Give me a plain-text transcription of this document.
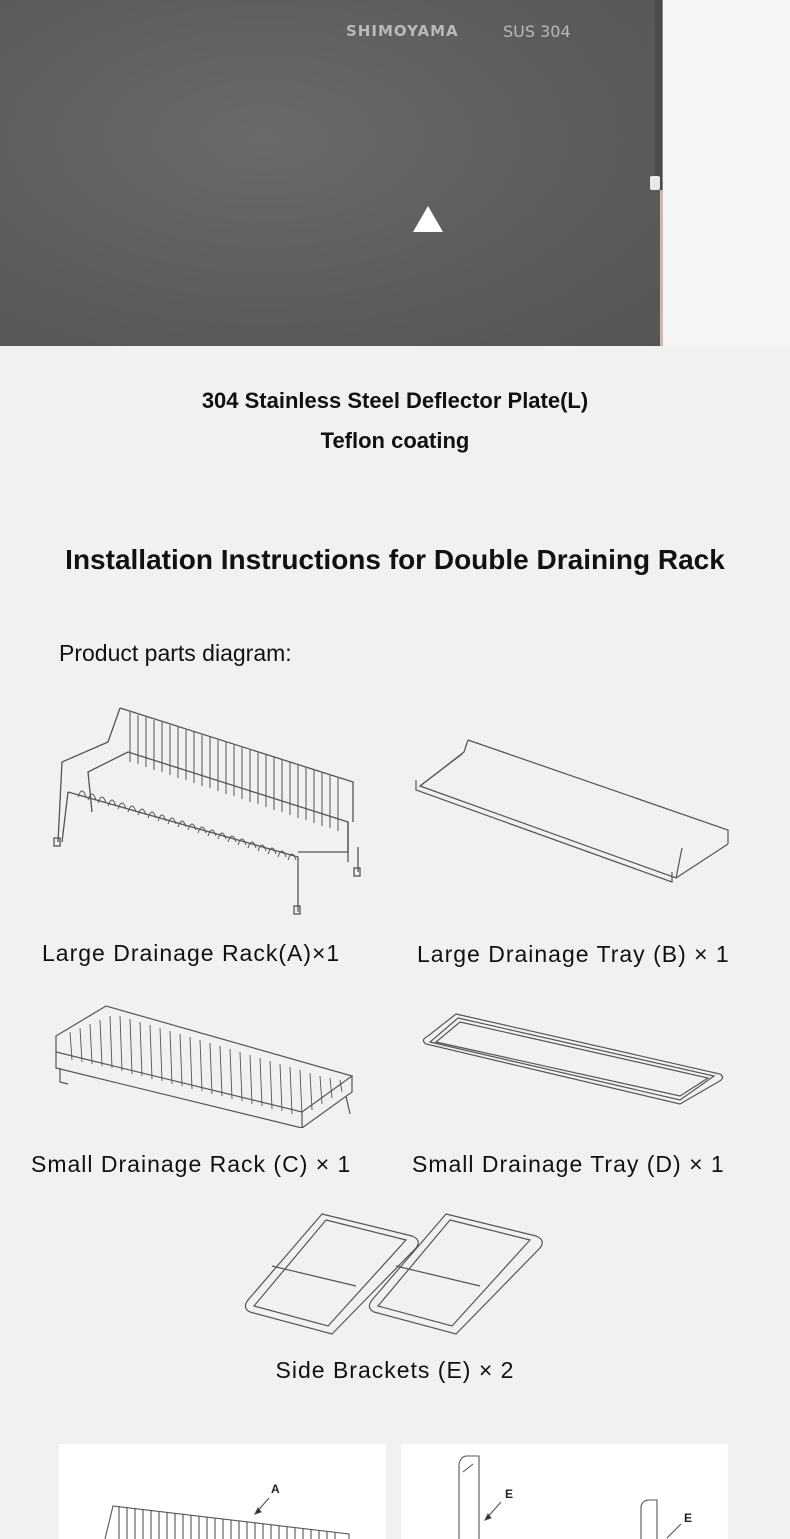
SHIMOYAMA	SUS 304
304 Stainless Steel Deflector Plate(L)
Teflon coating
Installation Instructions for Double Draining Rack
Product parts diagram:
Large Drainage Rack(A)×1	Large Drainage Tray (B) × 1
Small Drainage Rack (C) × 1	Small Drainage Tray (D) × 1
Side Brackets (E) × 2
A	E
E
